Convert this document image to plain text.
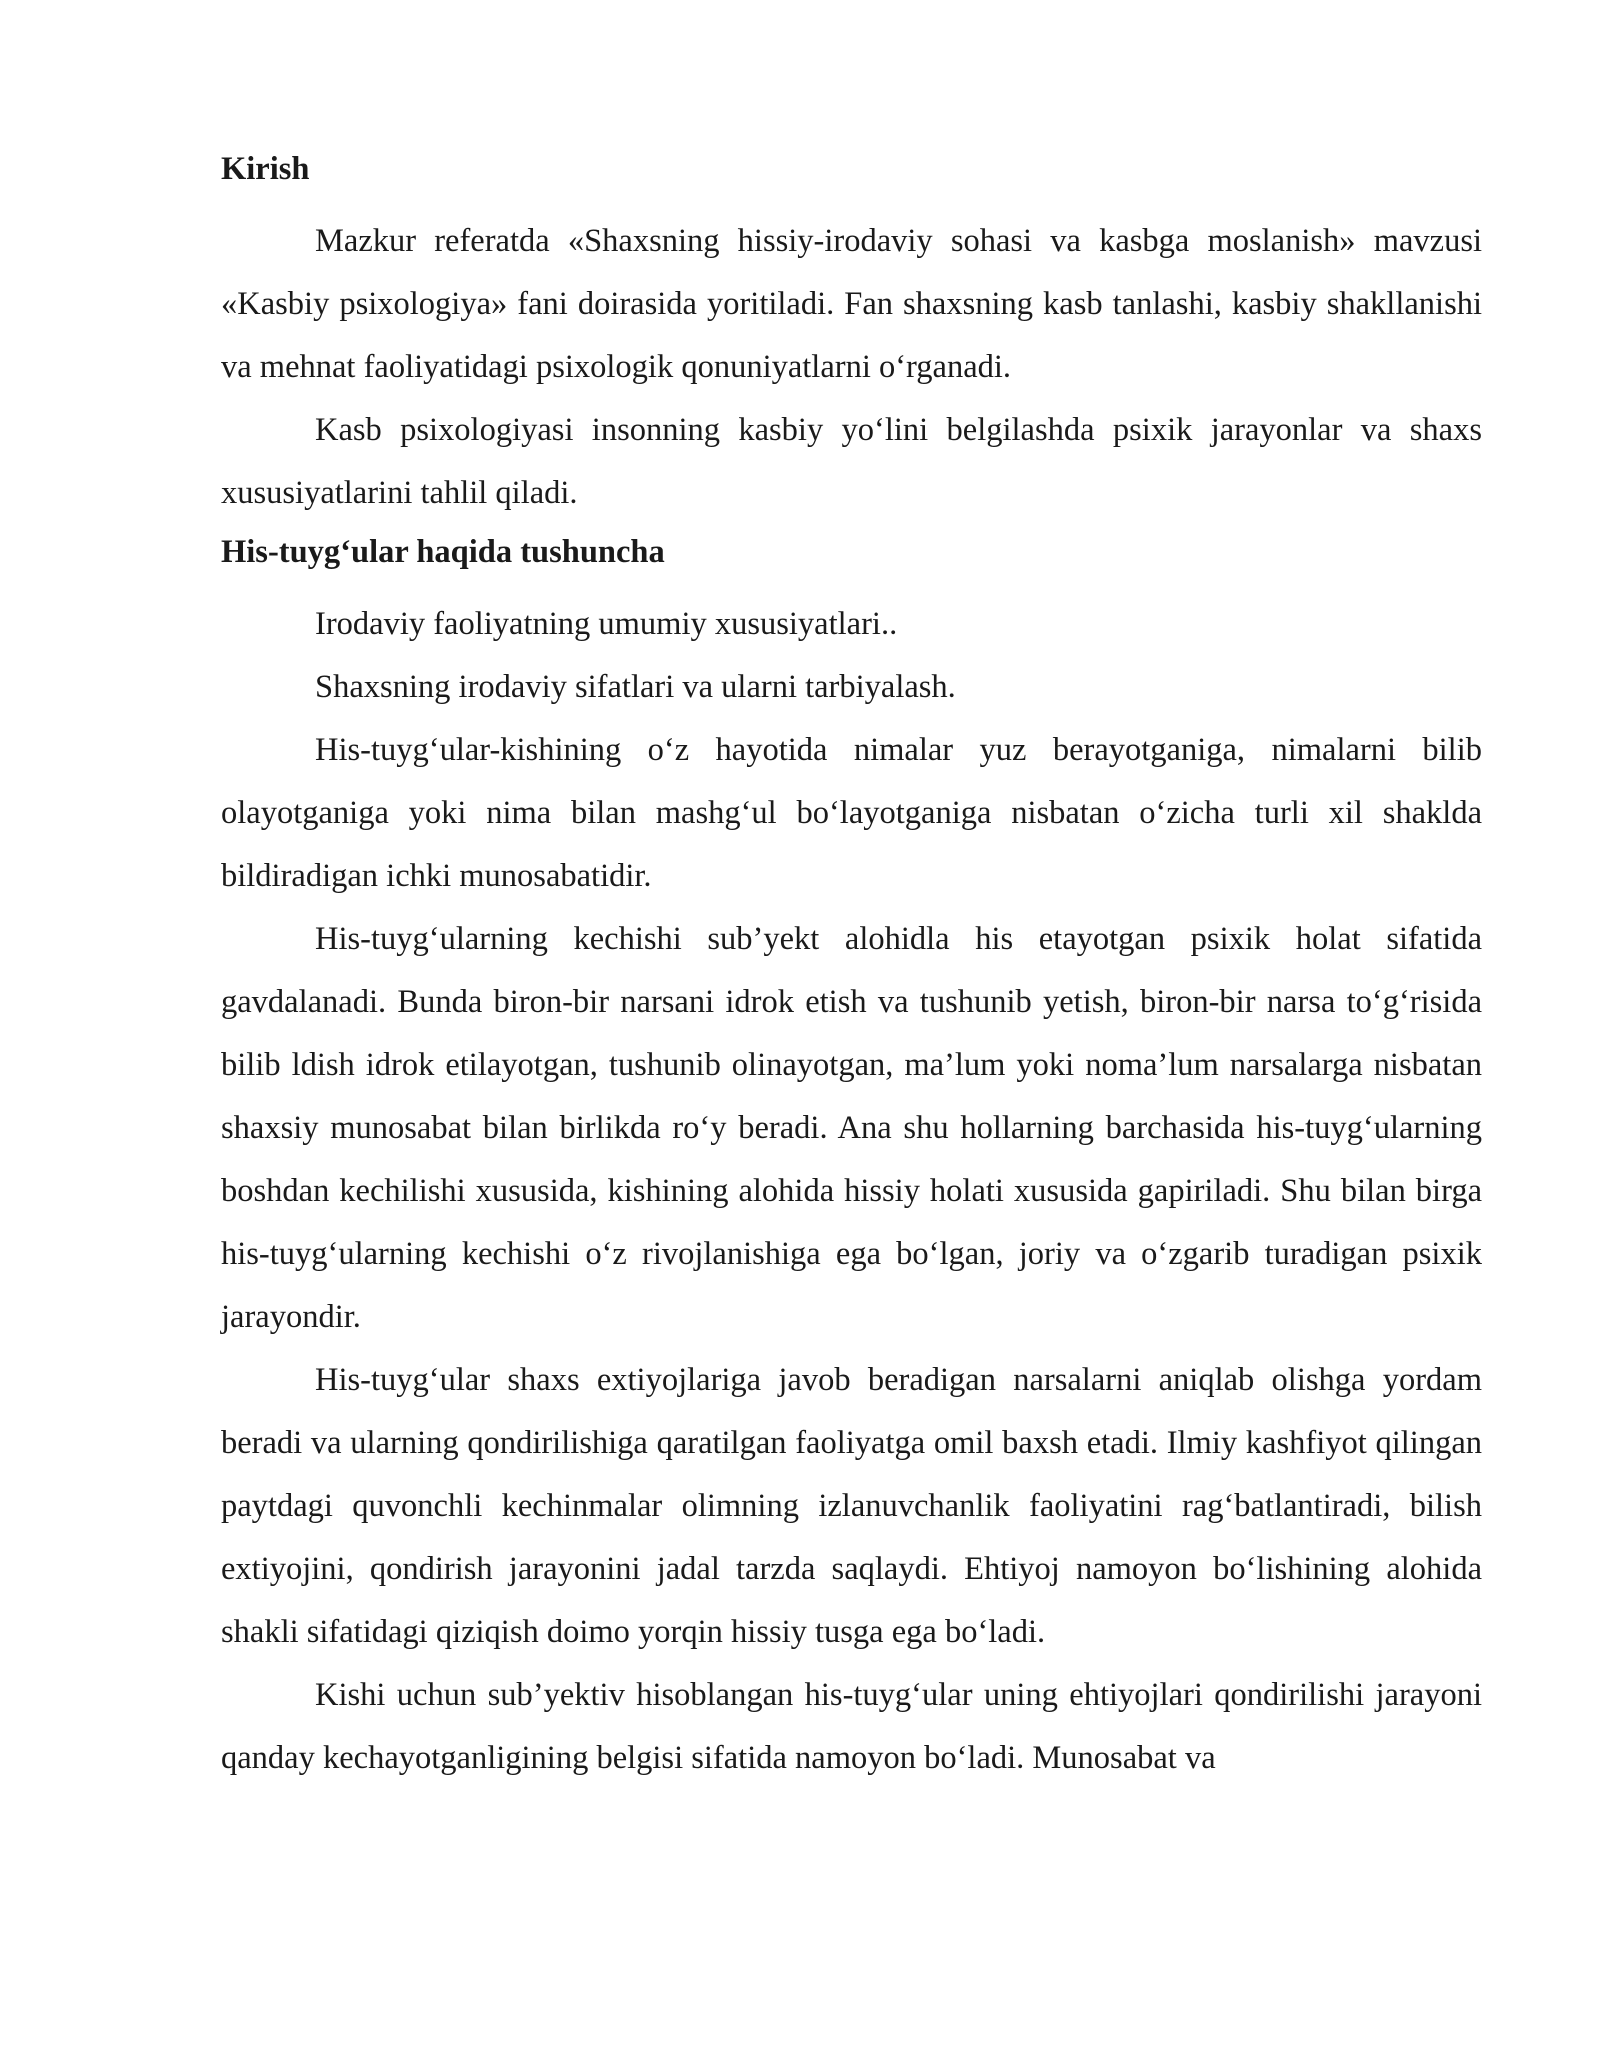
Kirish

Mazkur referatda «Shaxsning hissiy-irodaviy sohasi va kasbga moslanish» mavzusi «Kasbiy psixologiya» fani doirasida yoritiladi. Fan shaxsning kasb tanlashi, kasbiy shakllanishi va mehnat faoliyatidagi psixologik qonuniyatlarni oʻrganadi.

Kasb psixologiyasi insonning kasbiy yoʻlini belgilashda psixik jarayonlar va shaxs xususiyatlarini tahlil qiladi.

His-tuygʻular haqida tushuncha

Irodaviy faoliyatning umumiy xususiyatlari..

Shaxsning irodaviy sifatlari va ularni tarbiyalash.

His-tuygʻular-kishining oʻz hayotida nimalar yuz berayotganiga, nimalarni bilib olayotganiga yoki nima bilan mashgʻul boʻlayotganiga nisbatan oʻzicha turli xil shaklda bildiradigan ichki munosabatidir.

His-tuygʻularning kechishi sub’yekt alohidla his etayotgan psixik holat sifatida gavdalanadi. Bunda biron-bir narsani idrok etish va tushunib yetish, biron-bir narsa toʻgʻrisida bilib ldish idrok etilayotgan, tushunib olinayotgan, ma’lum yoki noma’lum narsalarga nisbatan shaxsiy munosabat bilan birlikda roʻy beradi. Ana shu hollarning barchasida his-tuygʻularning boshdan kechilishi xususida, kishining alohida hissiy holati xususida gapiriladi. Shu bilan birga his-tuygʻularning kechishi oʻz rivojlanishiga ega boʻlgan, joriy va oʻzgarib turadigan psixik jarayondir.

His-tuygʻular shaxs extiyojlariga javob beradigan narsalarni aniqlab olishga yordam beradi va ularning qondirilishiga qaratilgan faoliyatga omil baxsh etadi. Ilmiy kashfiyot qilingan paytdagi quvonchli kechinmalar olimning izlanuvchanlik faoliyatini ragʻbatlantiradi, bilish extiyojini, qondirish jarayonini jadal tarzda saqlaydi. Ehtiyoj namoyon boʻlishining alohida shakli sifatidagi qiziqish doimo yorqin hissiy tusga ega boʻladi.

Kishi uchun sub’yektiv hisoblangan his-tuygʻular uning ehtiyojlari qondirilishi jarayoni qanday kechayotganligining belgisi sifatida namoyon boʻladi. Munosabat va
